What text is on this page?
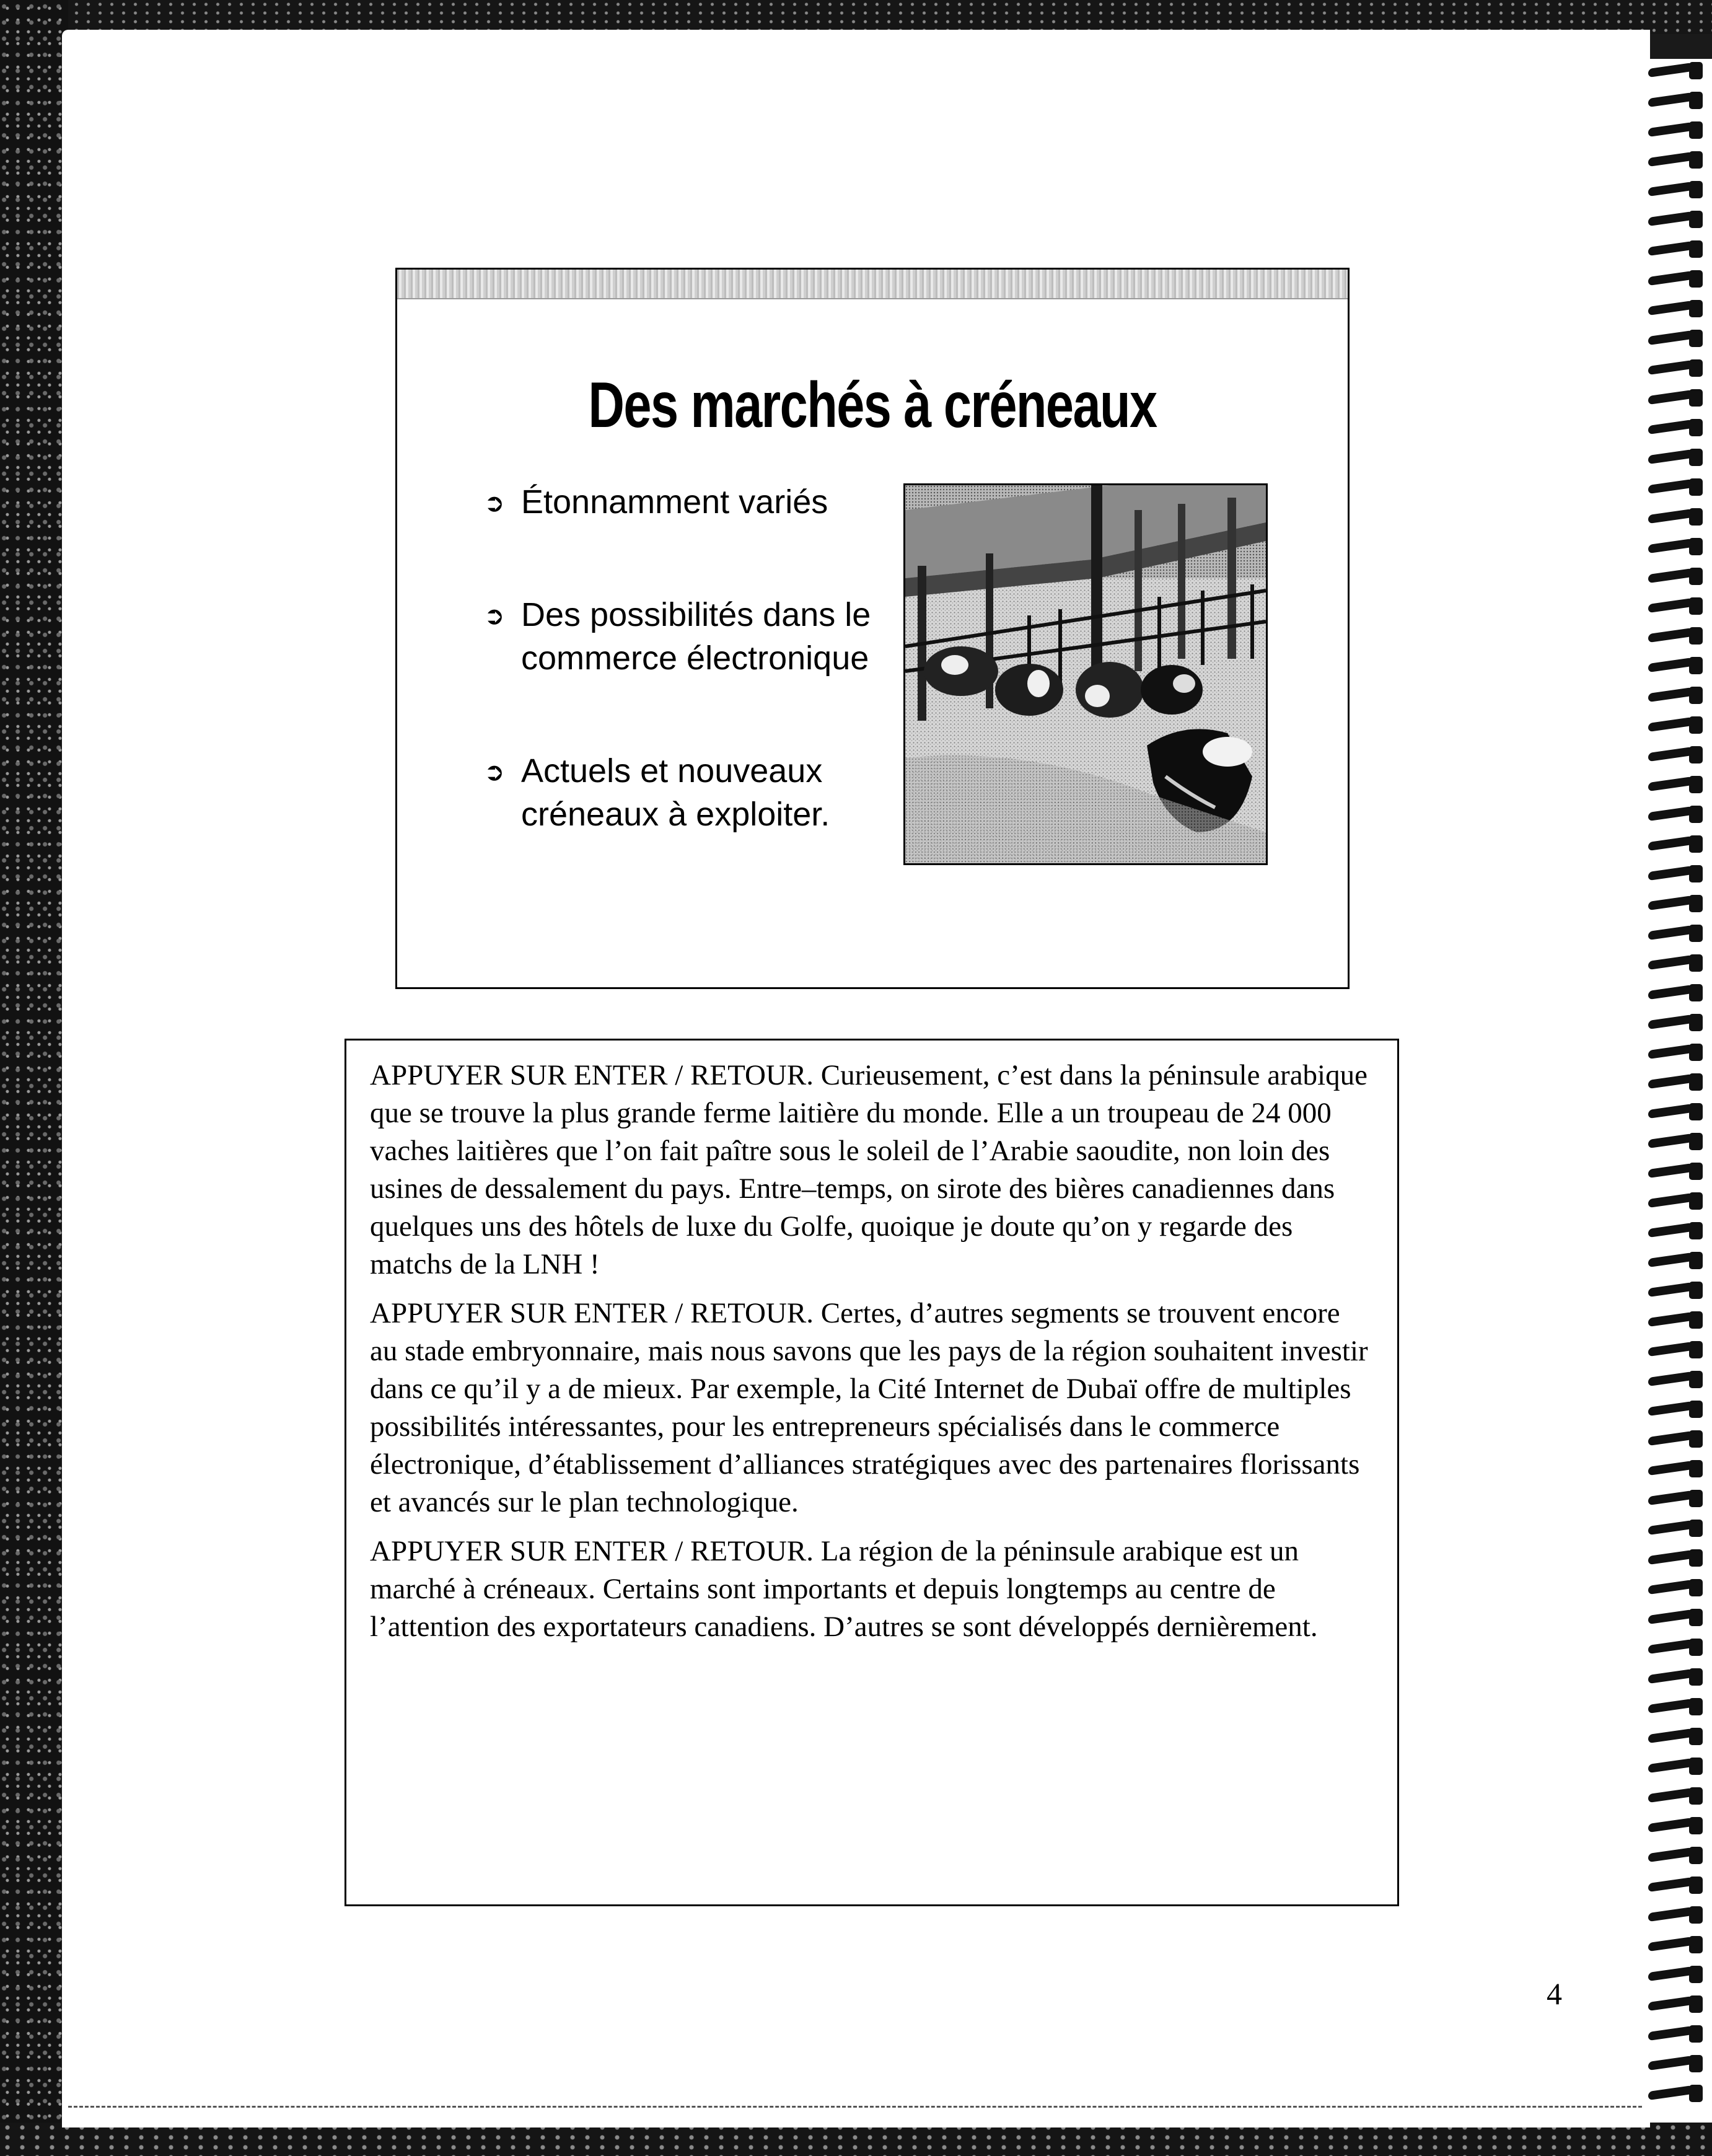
Des marchés à créneaux
➲ Étonnamment variés
➲ Des possibilités dans le commerce électronique
➲ Actuels et nouveaux créneaux à exploiter.

APPUYER SUR ENTER / RETOUR. Curieusement, c’est dans la péninsule arabique que se trouve la plus grande ferme laitière du monde. Elle a un troupeau de 24 000 vaches laitières que l’on fait paître sous le soleil de l’Arabie saoudite, non loin des usines de dessalement du pays. Entre–temps, on sirote des bières canadiennes dans quelques uns des hôtels de luxe du Golfe, quoique je doute qu’on y regarde des matchs de la LNH !

APPUYER SUR ENTER / RETOUR. Certes, d’autres segments se trouvent encore au stade embryonnaire, mais nous savons que les pays de la région souhaitent investir dans ce qu’il y a de mieux. Par exemple, la Cité Internet de Dubaï offre de multiples possibilités intéressantes, pour les entrepreneurs spécialisés dans le commerce électronique, d’établissement d’alliances stratégiques avec des partenaires florissants et avancés sur le plan technologique.

APPUYER SUR ENTER / RETOUR. La région de la péninsule arabique est un marché à créneaux. Certains sont importants et depuis longtemps au centre de l’attention des exportateurs canadiens. D’autres se sont développés dernièrement.

4
